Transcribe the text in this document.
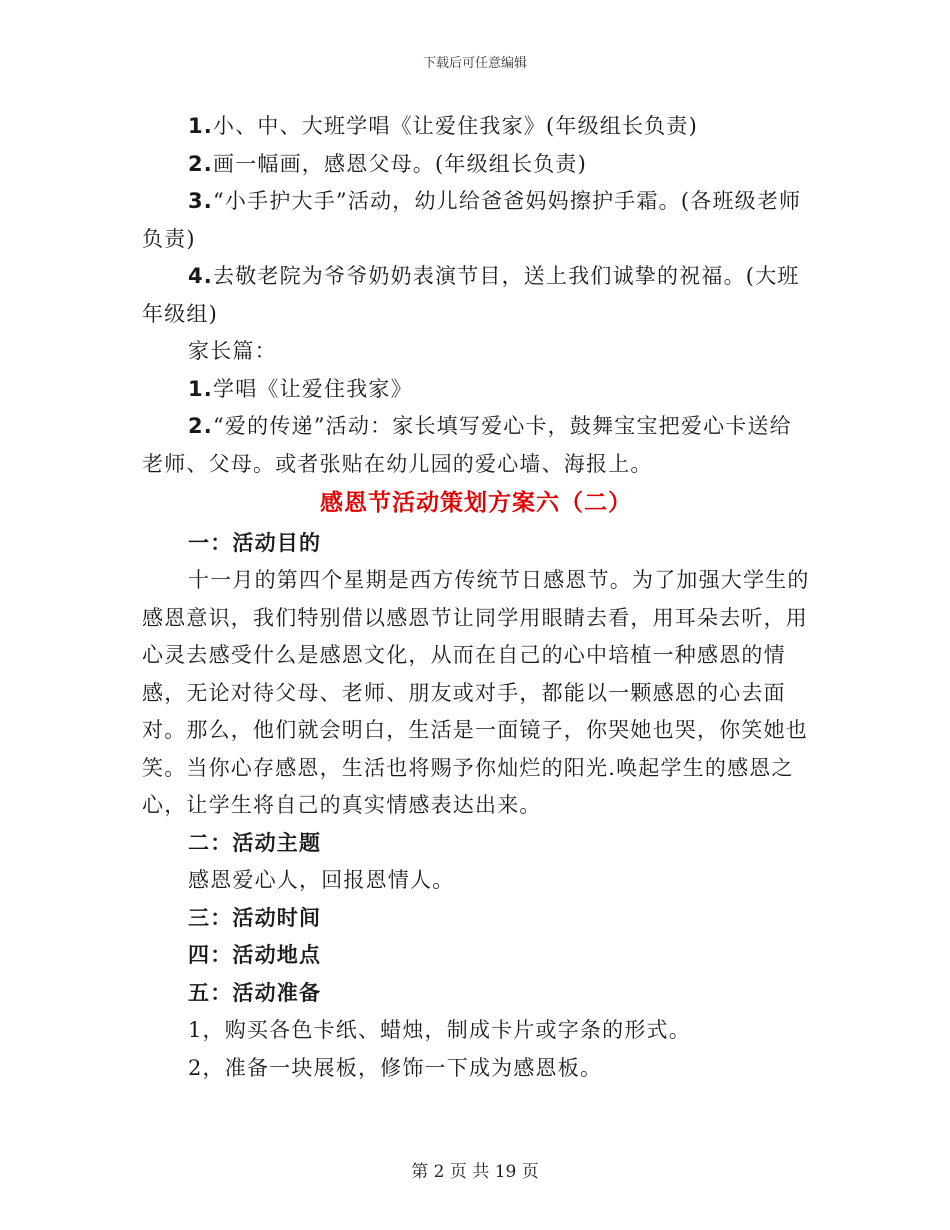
下载后可任意编辑

1.小、中、大班学唱《让爱住我家》(年级组长负责)

2.画一幅画，感恩父母。(年级组长负责)

3.“小手护大手”活动，幼儿给爸爸妈妈擦护手霜。(各班级老师负责)

4.去敬老院为爷爷奶奶表演节目，送上我们诚挚的祝福。(大班年级组)

家长篇：

1.学唱《让爱住我家》

2.“爱的传递”活动：家长填写爱心卡，鼓舞宝宝把爱心卡送给老师、父母。或者张贴在幼儿园的爱心墙、海报上。

感恩节活动策划方案六（二）

一：活动目的

十一月的第四个星期是西方传统节日感恩节。为了加强大学生的感恩意识，我们特别借以感恩节让同学用眼睛去看，用耳朵去听，用心灵去感受什么是感恩文化，从而在自己的心中培植一种感恩的情感，无论对待父母、老师、朋友或对手，都能以一颗感恩的心去面对。那么，他们就会明白，生活是一面镜子，你哭她也哭，你笑她也笑。当你心存感恩，生活也将赐予你灿烂的阳光.唤起学生的感恩之心，让学生将自己的真实情感表达出来。

二：活动主题

感恩爱心人，回报恩情人。

三：活动时间

四：活动地点

五：活动准备

1，购买各色卡纸、蜡烛，制成卡片或字条的形式。

2，准备一块展板，修饰一下成为感恩板。

第 2 页 共 19 页
